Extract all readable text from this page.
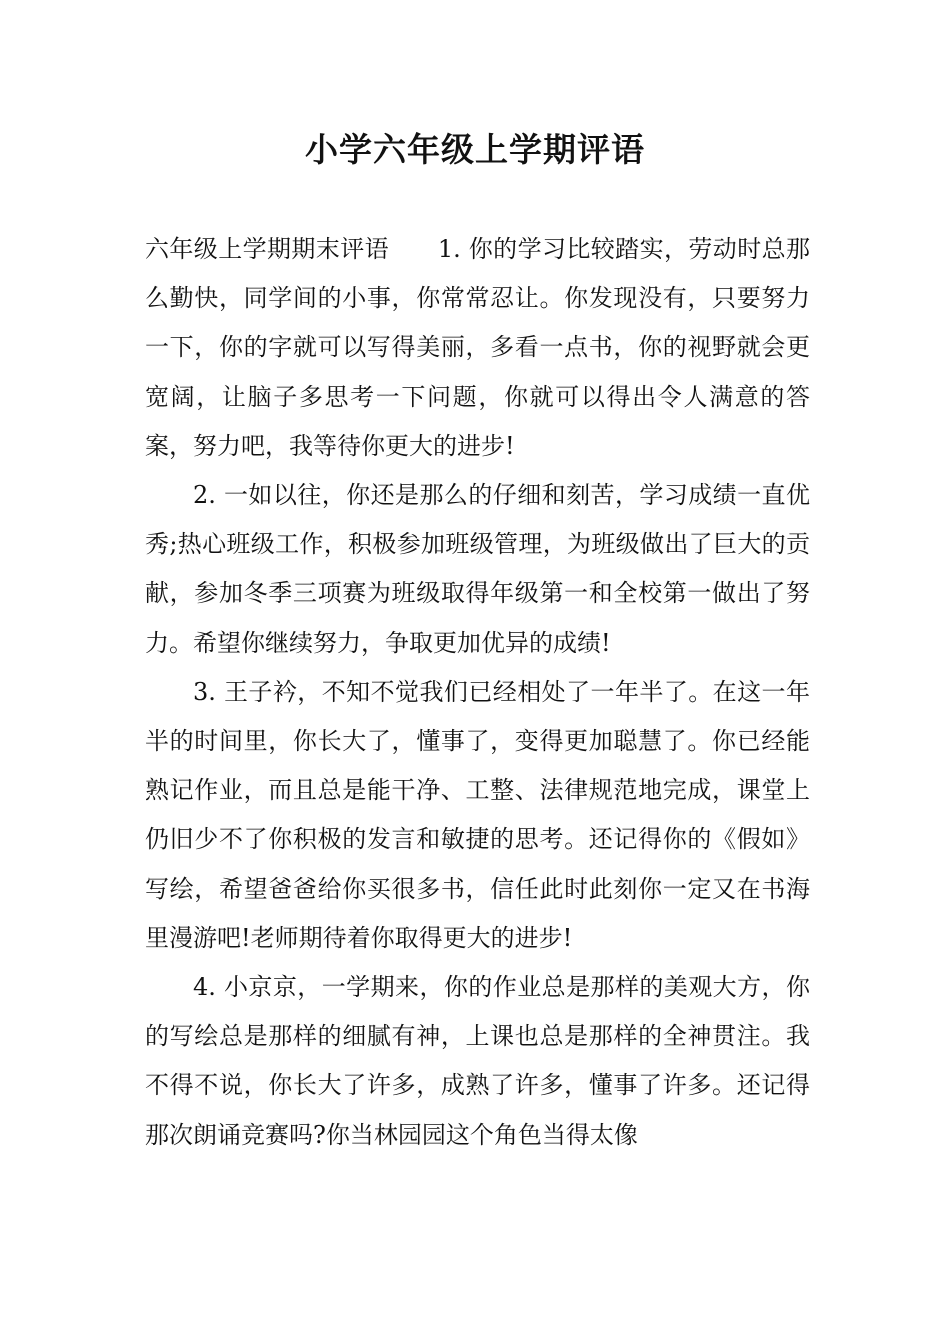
小学六年级上学期评语

六年级上学期期末评语　　1. 你的学习比较踏实，劳动时总那么勤快，同学间的小事，你常常忍让。你发现没有，只要努力一下，你的字就可以写得美丽，多看一点书，你的视野就会更宽阔，让脑子多思考一下问题，你就可以得出令人满意的答案，努力吧，我等待你更大的进步!

2. 一如以往，你还是那么的仔细和刻苦，学习成绩一直优秀;热心班级工作，积极参加班级管理，为班级做出了巨大的贡献，参加冬季三项赛为班级取得年级第一和全校第一做出了努力。希望你继续努力，争取更加优异的成绩!

3. 王子衿，不知不觉我们已经相处了一年半了。在这一年半的时间里，你长大了，懂事了，变得更加聪慧了。你已经能熟记作业，而且总是能干净、工整、法律规范地完成，课堂上仍旧少不了你积极的发言和敏捷的思考。还记得你的《假如》写绘，希望爸爸给你买很多书，信任此时此刻你一定又在书海里漫游吧!老师期待着你取得更大的进步!

4. 小京京，一学期来，你的作业总是那样的美观大方，你的写绘总是那样的细腻有神，上课也总是那样的全神贯注。我不得不说，你长大了许多，成熟了许多，懂事了许多。还记得那次朗诵竞赛吗?你当林园园这个角色当得太像
